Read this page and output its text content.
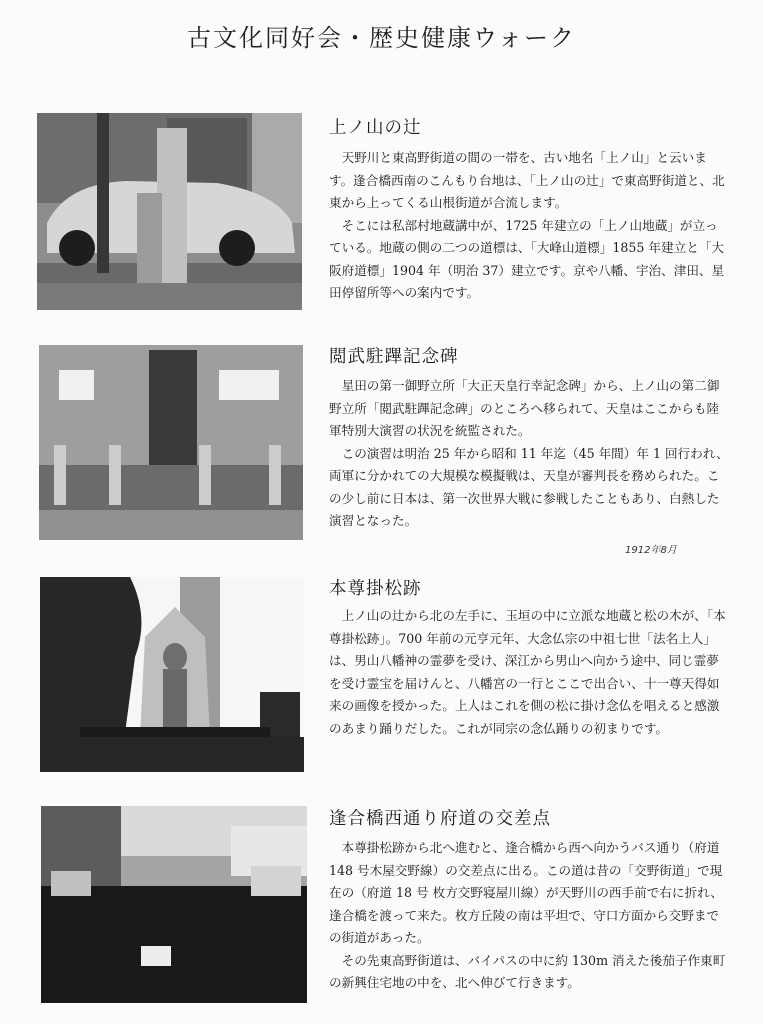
古文化同好会・歴史健康ウォーク
上ノ山の辻

天野川と東高野街道の間の一帯を、古い地名「上ノ山」と云います。逢合橋西南のこんもり台地は、「上ノ山の辻」で東高野街道と、北東から上ってくる山根街道が合流します。

そこには私部村地蔵講中が、1725 年建立の「上ノ山地蔵」が立っている。地蔵の側の二つの道標は、「大峰山道標」1855 年建立と「大阪府道標」1904 年（明治 37）建立です。京や八幡、宇治、津田、星田停留所等への案内です。

閲武駐蹕記念碑

星田の第一御野立所「大正天皇行幸記念碑」から、上ノ山の第二御野立所「閲武駐蹕記念碑」のところへ移られて、天皇はここからも陸軍特別大演習の状況を統監された。

この演習は明治 25 年から昭和 11 年迄（45 年間）年 1 回行われ、両軍に分かれての大規模な模擬戦は、天皇が審判長を務められた。この少し前に日本は、第一次世界大戦に参戦したこともあり、白熱した演習となった。

1912年8月
本尊掛松跡

上ノ山の辻から北の左手に、玉垣の中に立派な地蔵と松の木が、「本尊掛松跡」。700 年前の元亨元年、大念仏宗の中祖七世「法名上人」は、男山八幡神の霊夢を受け、深江から男山へ向かう途中、同じ霊夢を受け霊宝を届けんと、八幡宮の一行とここで出合い、十一尊天得如来の画像を授かった。上人はこれを側の松に掛け念仏を唱えると感激のあまり踊りだした。これが同宗の念仏踊りの初まりです。

逢合橋西通り府道の交差点

本尊掛松跡から北へ進むと、逢合橋から西へ向かうバス通り（府道 148 号木屋交野線）の交差点に出る。この道は昔の「交野街道」で現在の（府道 18 号 枚方交野寝屋川線）が天野川の西手前で右に折れ、逢合橋を渡って来た。枚方丘陵の南は平坦で、守口方面から交野までの街道があった。

その先東高野街道は、バイパスの中に約 130m 消えた後茄子作東町の新興住宅地の中を、北へ伸びて行きます。
